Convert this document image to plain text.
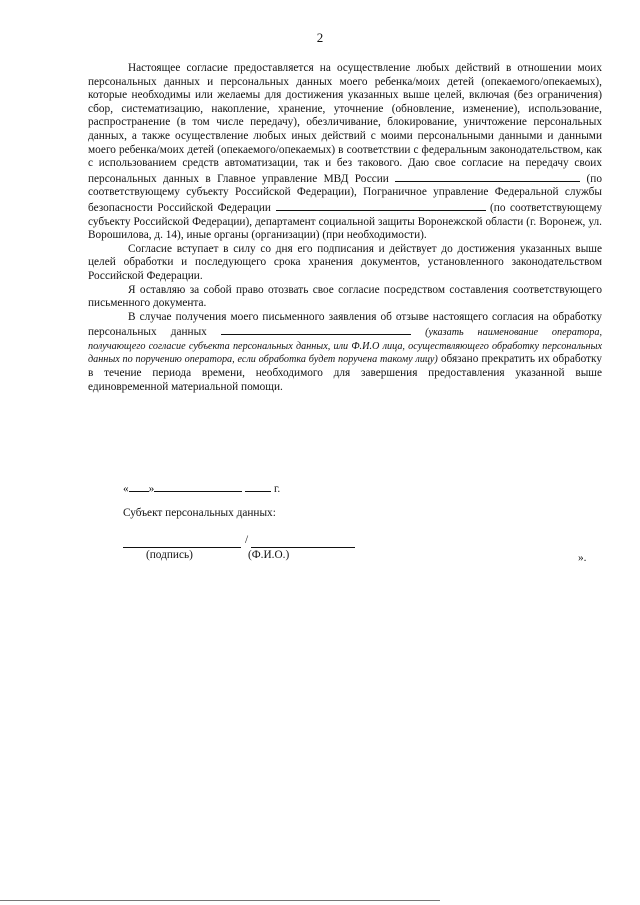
2

Настоящее согласие предоставляется на осуществление любых действий в отношении моих персональных данных и персональных данных моего ребенка/моих детей (опекаемого/опекаемых), которые необходимы или желаемы для достижения указанных выше целей, включая (без ограничения) сбор, систематизацию, накопление, хранение, уточнение (обновление, изменение), использование, распространение (в том числе передачу), обезличивание, блокирование, уничтожение персональных данных, а также осуществление любых иных действий с моими персональными данными и данными моего ребенка/моих детей (опекаемого/опекаемых) в соответствии с федеральным законодательством, как с использованием средств автоматизации, так и без такового. Даю свое согласие на передачу своих персональных данных в Главное управление МВД России	(по соответствующему субъекту Российской Федерации), Пограничное управление Федеральной службы безопасности Российской Федерации	(по соответствующему субъекту Российской Федерации), департамент социальной защиты Воронежской области (г. Воронеж, ул. Ворошилова, д. 14), иные органы (организации) (при необходимости).

Согласие вступает в силу со дня его подписания и действует до достижения указанных выше целей обработки и последующего срока хранения документов, установленного законодательством Российской Федерации.

Я оставляю за собой право отозвать свое согласие посредством составления соответствующего письменного документа.

В случае получения моего письменного заявления об отзыве настоящего согласия на обработку персональных данных	(указать наименование оператора, получающего согласие субъекта персональных данных, или Ф.И.О лица, осуществляющего обработку персональных данных по поручению оператора, если обработка будет поручена такому лицу) обязано прекратить их обработку в течение периода времени, необходимого для завершения предоставления указанной выше единовременной материальной помощи.

« »	г.
Субъект персональных данных:
/
(подпись)	(Ф.И.О.)	».
